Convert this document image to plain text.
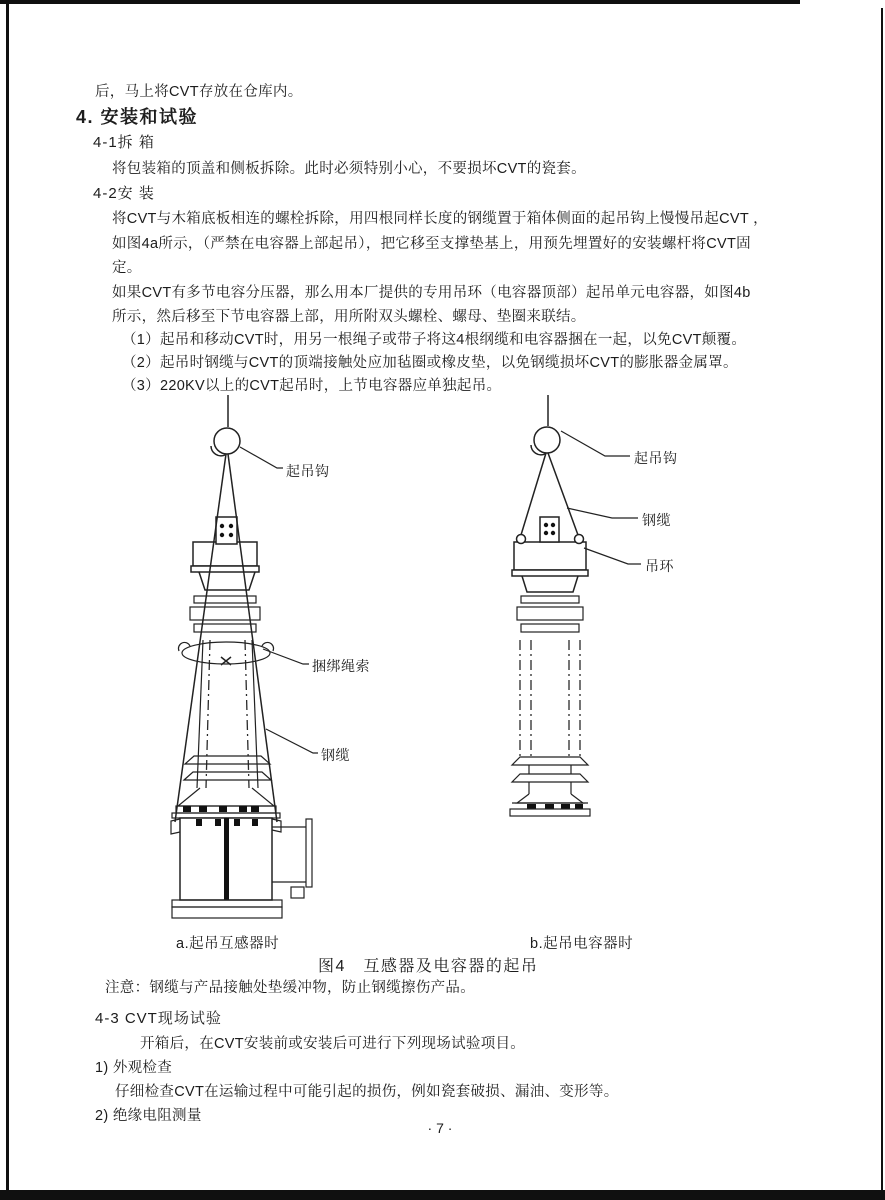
后，马上将CVT存放在仓库内。
4. 安装和试验
4-1拆 箱
将包装箱的顶盖和侧板拆除。此时必须特别小心，不要损坏CVT的瓷套。
4-2安 装
将CVT与木箱底板相连的螺栓拆除，用四根同样长度的钢缆置于箱体侧面的起吊钩上慢慢吊起CVT ，
如图4a所示，（严禁在电容器上部起吊），把它移至支撑垫基上，用预先埋置好的安装螺杆将CVT固
定。
如果CVT有多节电容分压器，那么用本厂提供的专用吊环（电容器顶部）起吊单元电容器，如图4b
所示，然后移至下节电容器上部，用所附双头螺栓、螺母、垫圈来联结。
（1）起吊和移动CVT时，用另一根绳子或带子将这4根纲缆和电容器捆在一起，以免CVT颠覆。
（2）起吊时钢缆与CVT的顶端接触处应加毡圈或橡皮垫，以免钢缆损坏CVT的膨胀器金属罩。
（3）220KV以上的CVT起吊时，上节电容器应单独起吊。
起吊钩
捆绑绳索
钢缆
起吊钩
钢缆
吊环
a.起吊互感器时	b.起吊电容器时
图4　互感器及电容器的起吊
注意：钢缆与产品接触处垫缓冲物，防止钢缆擦伤产品。
4-3 CVT现场试验
开箱后，在CVT安装前或安装后可进行下列现场试验项目。
1) 外观检查
仔细检查CVT在运输过程中可能引起的损伤，例如瓷套破损、漏油、变形等。
2) 绝缘电阻测量
· 7 ·
